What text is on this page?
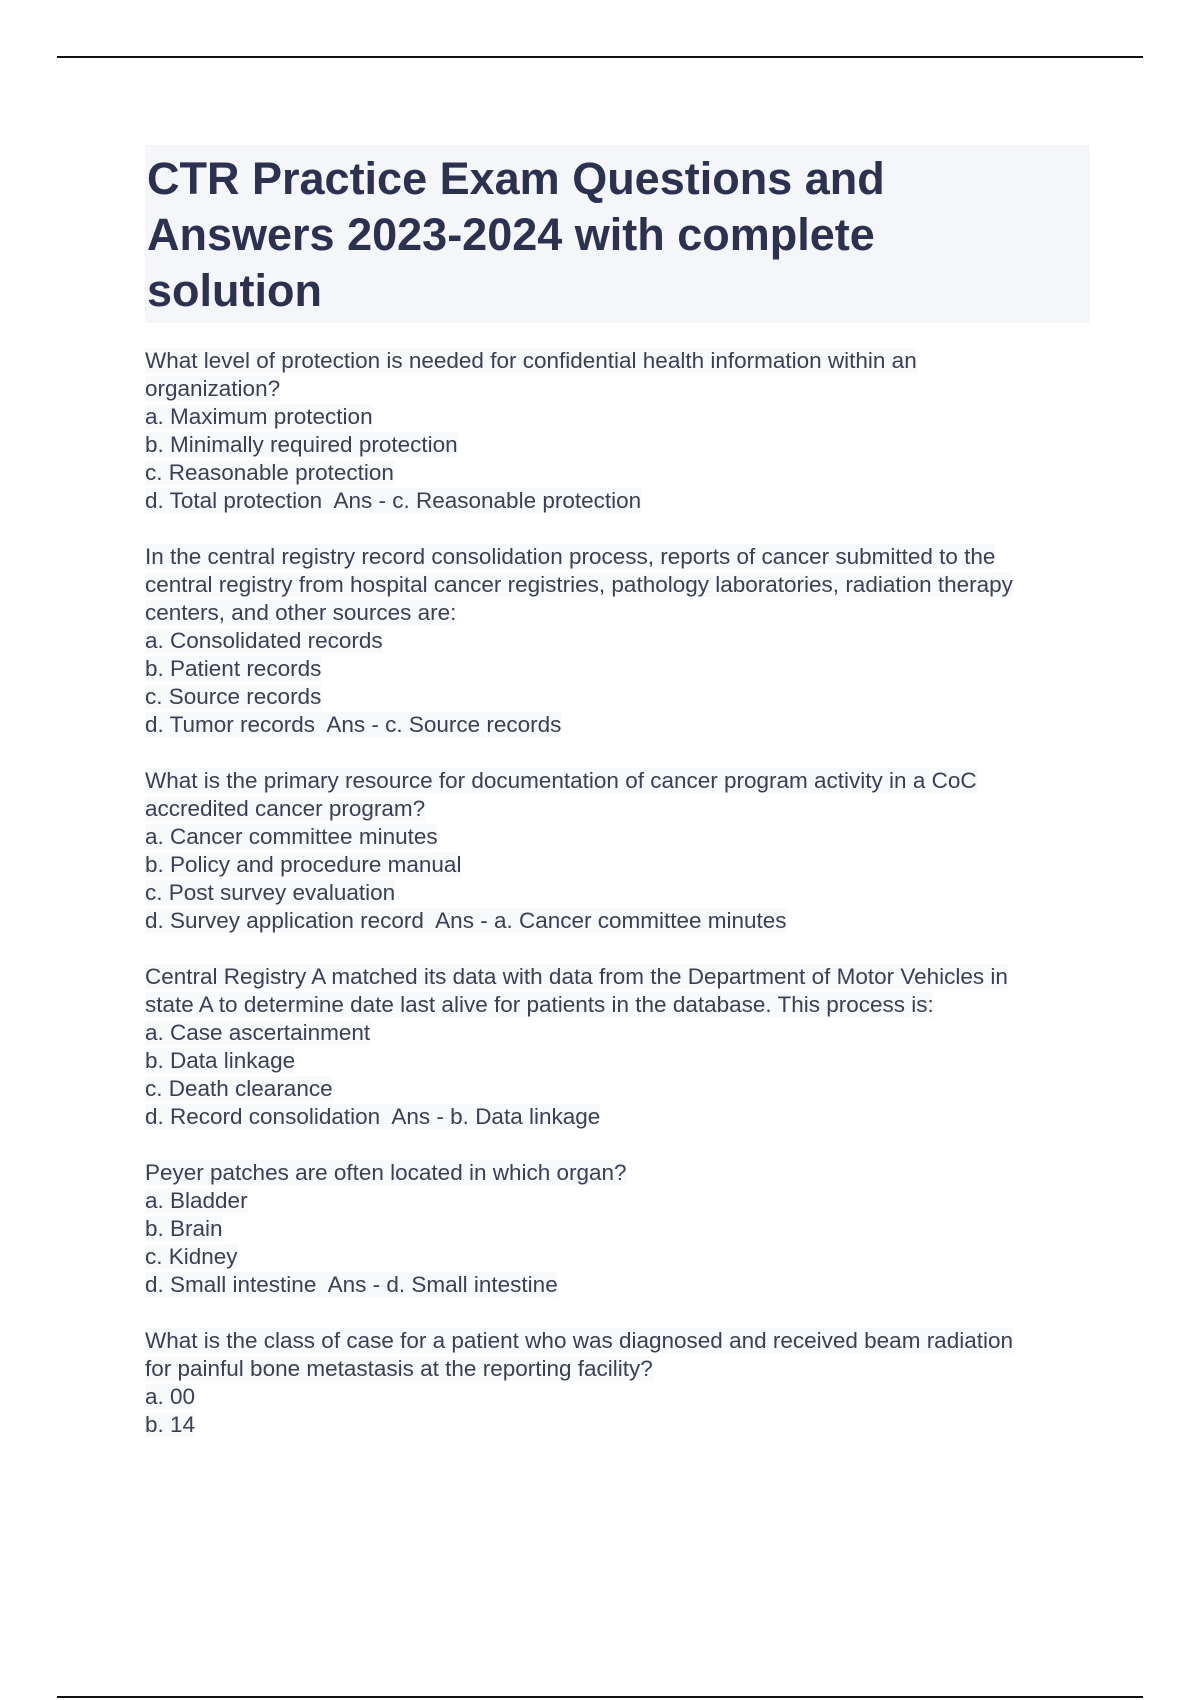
CTR Practice Exam Questions and
Answers 2023-2024 with complete
solution
What level of protection is needed for confidential health information within an
organization?
a. Maximum protection
b. Minimally required protection
c. Reasonable protection
d. Total protection Ans - c. Reasonable protection
In the central registry record consolidation process, reports of cancer submitted to the
central registry from hospital cancer registries, pathology laboratories, radiation therapy
centers, and other sources are:
a. Consolidated records
b. Patient records
c. Source records
d. Tumor records Ans - c. Source records
What is the primary resource for documentation of cancer program activity in a CoC
accredited cancer program?
a. Cancer committee minutes
b. Policy and procedure manual
c. Post survey evaluation
d. Survey application record Ans - a. Cancer committee minutes
Central Registry A matched its data with data from the Department of Motor Vehicles in
state A to determine date last alive for patients in the database. This process is:
a. Case ascertainment
b. Data linkage
c. Death clearance
d. Record consolidation Ans - b. Data linkage
Peyer patches are often located in which organ?
a. Bladder
b. Brain
c. Kidney
d. Small intestine Ans - d. Small intestine
What is the class of case for a patient who was diagnosed and received beam radiation
for painful bone metastasis at the reporting facility?
a. 00
b. 14
